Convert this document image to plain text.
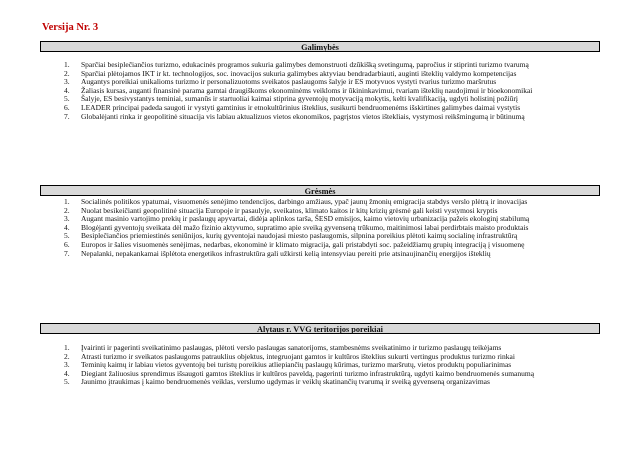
Versija Nr. 3
Galimybės
1. Sparčiai besiplečiančios turizmo, edukacinės programos sukuria galimybes demonstruoti dzūkišką svetingumą, papročius ir stiprinti turizmo tvarumą
2. Sparčiai plėtojamos IKT ir kt. technologijos, soc. inovacijos sukuria galimybes aktyviau bendradarbiauti, auginti išteklių valdymo kompetencijas
3. Augantys poreikiai unikalioms turizmo ir personalizuotoms sveikatos paslaugoms šalyje ir ES motyvuos vystyti tvarius turizmo maršrutus
4. Žaliasis kursas, auganti finansinė parama gamtai draugiškoms ekonominėms veikloms ir ūkininkavimui, tvariam išteklių naudojimui ir bioekonomikai
5. Šalyje, ES besivystantys teminiai, sumanūs ir startuoliai kaimai stiprina gyventojų motyvaciją mokytis, kelti kvalifikaciją, ugdyti holistinį požiūrį
6. LEADER principai padeda saugoti ir vystyti gamtinius ir etnokultūrinius išteklius, susikurti bendruomenėms išskirtines galimybes daimai vystytis
7. Globalėjanti rinka ir geopolitinė situacija vis labiau aktualizuos vietos ekonomikos, pagrįstos vietos ištekliais, vystymosi reikšmingumą ir būtinumą
Grėsmės
1. Socialinės politikos ypatumai, visuomenės senėjimo tendencijos, darbingo amžiaus, ypač jaunų žmonių emigracija stabdys verslo plėtrą ir inovacijas
2. Nuolat besikeičianti geopolitinė situacija Europoje ir pasaulyje, sveikatos, klimato kaitos ir kitų krizių grėsmė gali keisti vystymosi kryptis
3. Augant masinio vartojimo prekių ir paslaugų apyvartai, didėja aplinkos tarša, ŠESD emisijos, kaimo vietovių urbanizacija pažeis ekologinį stabilumą
4. Blogėjanti gyventojų sveikata dėl mažo fizinio aktyvumo, supratimo apie sveiką gyvenseną trūkumo, maitinimosi labai perdirbtais maisto produktais
5. Besiplečiančios priemiestinės seniūnijos, kurių gyventojai naudojasi miesto paslaugomis, silpnina poreikius plėtoti kaimų socialinę infrastruktūrą
6. Europos ir šalies visuomenės senėjimas, nedarbas, ekonominė ir klimato migracija, gali pristabdyti soc. pažeidžiamų grupių integraciją į visuomenę
7. Nepalanki, nepakankamai išplėtota energetikos infrastruktūra gali užkirsti kelią intensyviau pereiti prie atsinaujinančių energijos išteklių
Alytaus r. VVG teritorijos poreikiai
1. Įvairinti ir pagerinti sveikatinimo paslaugas, plėtoti verslo paslaugas sanatorijoms, stambesnėms sveikatinimo ir turizmo paslaugų teikėjams
2. Atrasti turizmo ir sveikatos paslaugoms patrauklius objektus, integruojant gamtos ir kultūros išteklius sukurti vertingus produktus turizmo rinkai
3. Teminių kaimų ir labiau vietos gyventojų bei turistų poreikius atliepiančių paslaugų kūrimas, turizmo maršrutų, vietos produktų populiarinimas
4. Diegiant žaliuosius sprendimus išsaugoti gamtos išteklius ir kultūros paveldą, pagerinti turizmo infrastruktūrą, ugdyti kaimo bendruomenės sumanumą
5. Jaunimo įtraukimas į kaimo bendruomenės veiklas, verslumo ugdymas ir veiklų skatinančių tvarumą ir sveiką gyvenseną organizavimas
